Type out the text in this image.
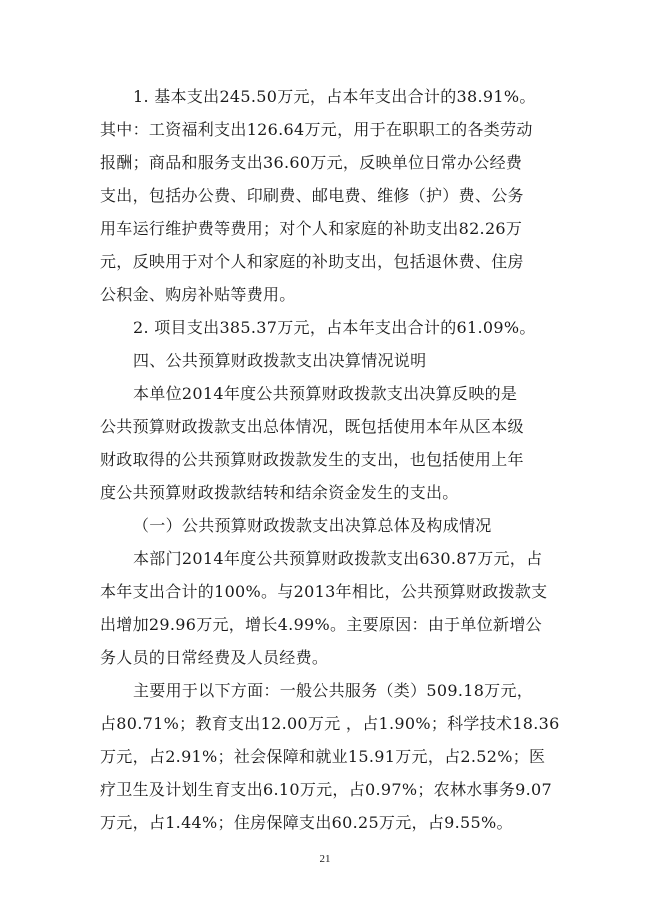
1. 基本支出245.50万元，占本年支出合计的38.91%。
其中：工资福利支出126.64万元，用于在职职工的各类劳动
报酬；商品和服务支出36.60万元，反映单位日常办公经费
支出，包括办公费、印刷费、邮电费、维修（护）费、公务
用车运行维护费等费用；对个人和家庭的补助支出82.26万
元，反映用于对个人和家庭的补助支出，包括退休费、住房
公积金、购房补贴等费用。
2. 项目支出385.37万元，占本年支出合计的61.09%。
四、公共预算财政拨款支出决算情况说明
本单位2014年度公共预算财政拨款支出决算反映的是
公共预算财政拨款支出总体情况，既包括使用本年从区本级
财政取得的公共预算财政拨款发生的支出，也包括使用上年
度公共预算财政拨款结转和结余资金发生的支出。
（一）公共预算财政拨款支出决算总体及构成情况
本部门2014年度公共预算财政拨款支出630.87万元，占
本年支出合计的100%。与2013年相比，公共预算财政拨款支
出增加29.96万元，增长4.99%。主要原因：由于单位新增公
务人员的日常经费及人员经费。
主要用于以下方面：一般公共服务（类）509.18万元，
占80.71%；教育支出12.00万元 ，占1.90%；科学技术18.36
万元，占2.91%；社会保障和就业15.91万元，占2.52%；医
疗卫生及计划生育支出6.10万元，占0.97%；农林水事务9.07
万元，占1.44%；住房保障支出60.25万元，占9.55%。
21
